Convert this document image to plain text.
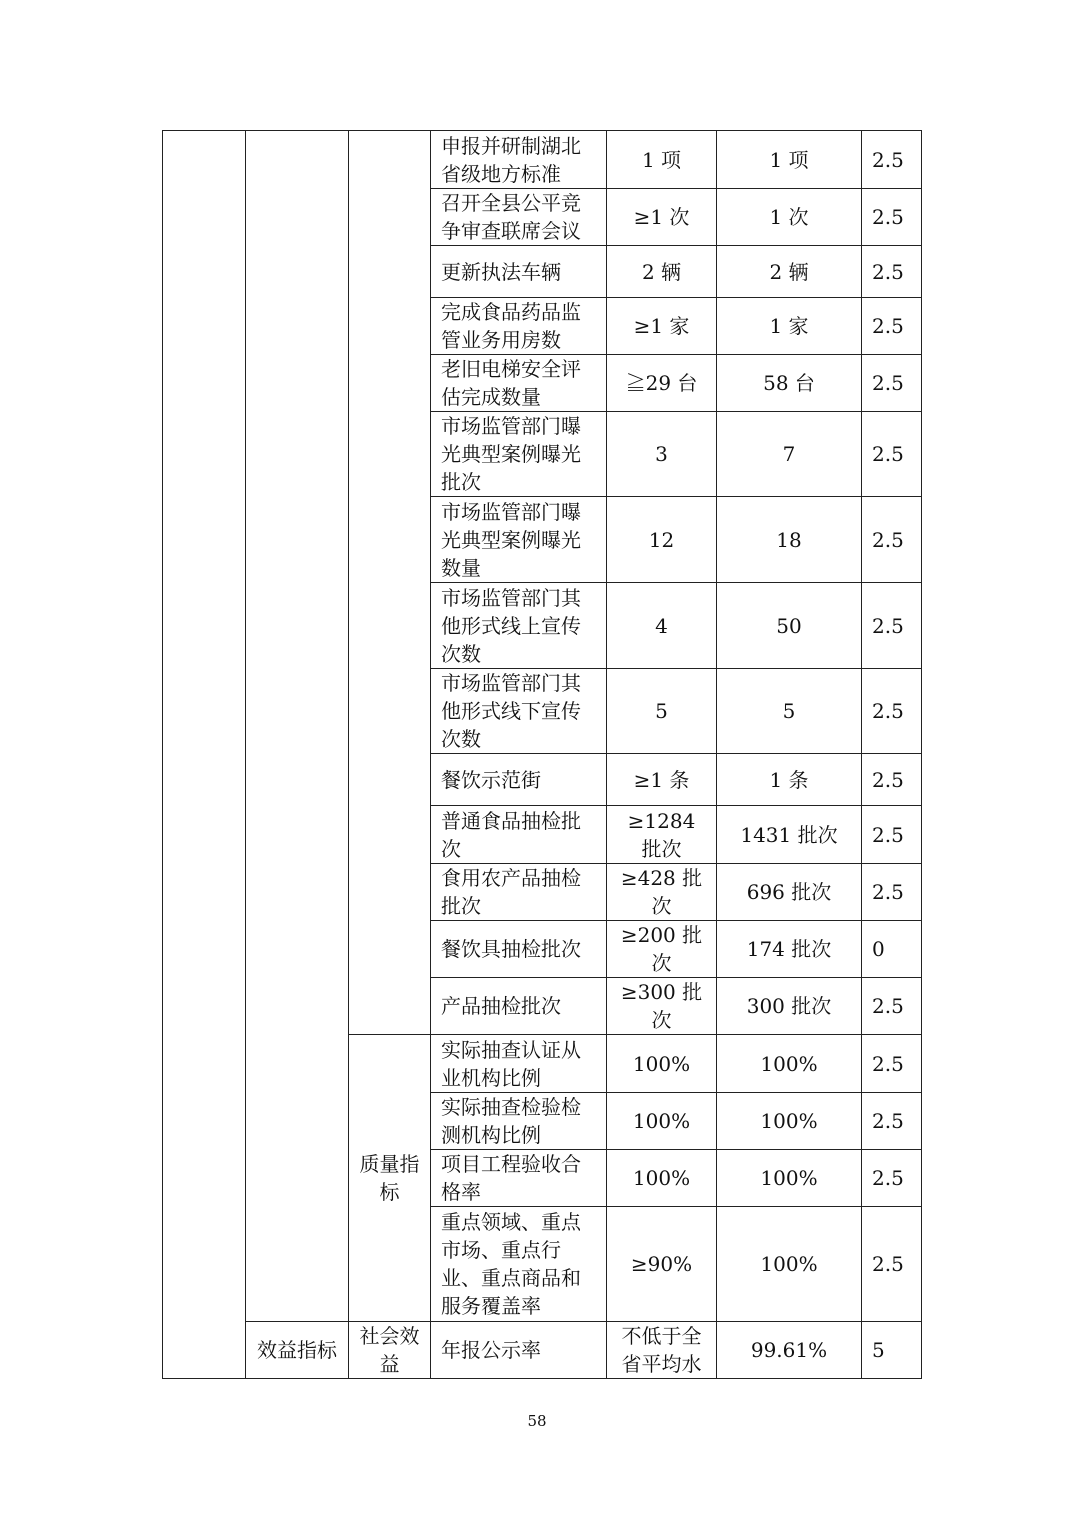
			申报并研制湖北省级地方标准	1 项	1 项	2.5
			召开全县公平竞争审查联席会议	≥1 次	1 次	2.5
			更新执法车辆	2 辆	2 辆	2.5
			完成食品药品监管业务用房数	≥1 家	1 家	2.5
			老旧电梯安全评估完成数量	≧29 台	58 台	2.5
			市场监管部门曝光典型案例曝光批次	3	7	2.5
			市场监管部门曝光典型案例曝光数量	12	18	2.5
			市场监管部门其他形式线上宣传次数	4	50	2.5
			市场监管部门其他形式线下宣传次数	5	5	2.5
			餐饮示范街	≥1 条	1 条	2.5
			普通食品抽检批次	≥1284 批次	1431 批次	2.5
			食用农产品抽检批次	≥428 批次	696 批次	2.5
			餐饮具抽检批次	≥200 批次	174 批次	0
			产品抽检批次	≥300 批次	300 批次	2.5
		质量指标	实际抽查认证从业机构比例	100%	100%	2.5
			实际抽查检验检测机构比例	100%	100%	2.5
			项目工程验收合格率	100%	100%	2.5
			重点领域、重点市场、重点行业、重点商品和服务覆盖率	≥90%	100%	2.5
	效益指标	社会效益	年报公示率	不低于全省平均水	99.61%	5
58
